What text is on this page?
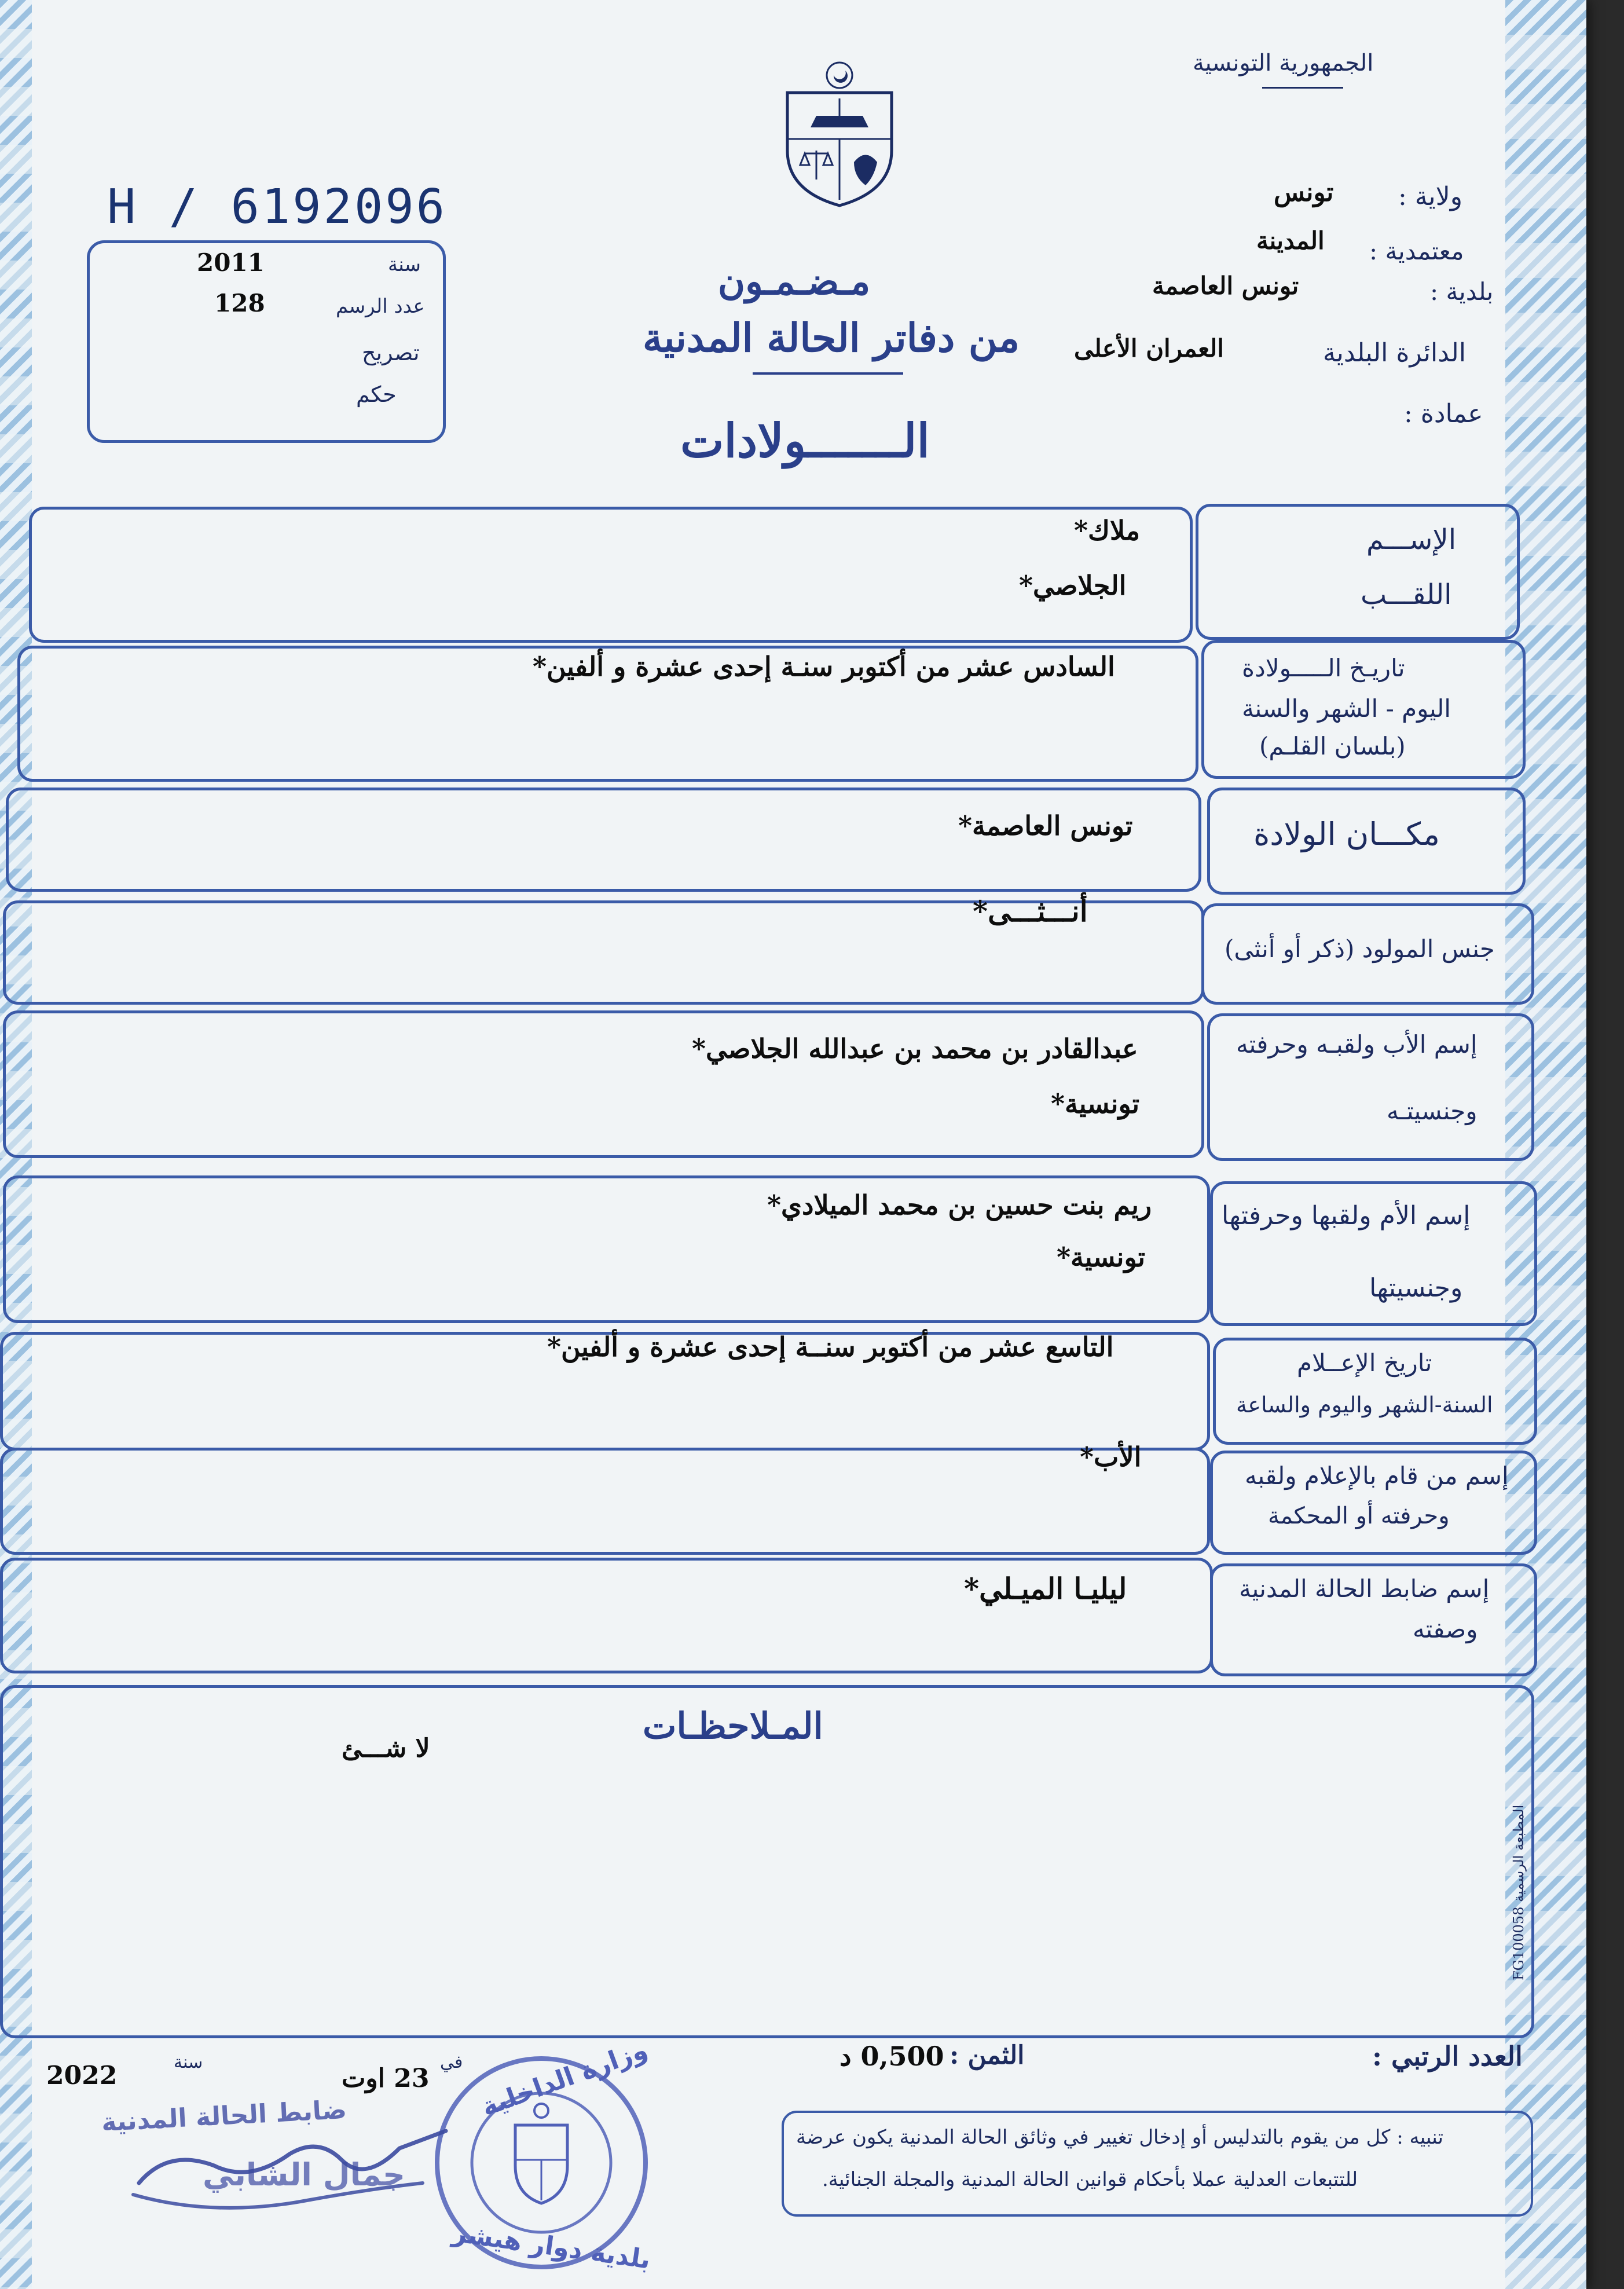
الجمهورية التونسية
H / 6192096
سنة
2011
عدد الرسم
128
تصريح
حكم
ولاية :
تونس
معتمدية :
المدينة
بلدية :
تونس العاصمة
الدائرة البلدية
العمران الأعلى
عمادة :
مـضـمـون
من دفاتر الحالة المدنية
الـــــــولادات
الإســـم
اللقـــب
ملاك*
الجلاصي*
تاريـخ الـــــولادة
اليوم - الشهر والسنة
(بلسان القلـم)
السادس عشر من أكتوبر سنـة إحدى عشرة و ألفين*
مكـــان الولادة
تونس العاصمة*
جنس المولود (ذكر أو أنثى)
أنـــثـــى*
إسم الأب ولقبـه وحرفته
وجنسيتـه
عبدالقادر بن محمد بن عبدالله الجلاصي*
تونسية*
إسم الأم ولقبها وحرفتها
وجنسيتها
ريم بنت حسين بن محمد الميلادي*
تونسية*
تاريخ الإعــلام
السنة-الشهر واليوم والساعة
التاسع عشر من أكتوبر سنــة إحدى عشرة و ألفين*
إسم من قام بالإعلام ولقبه
وحرفته أو المحكمة
الأب*
إسم ضابط الحالة المدنية
وصفته
ليليـا الميـلي*
المـلاحظـات
لا شـــئ
المطبعة الرسمية FG100058
العدد الرتبي :
الثمن :
0,500 د
في
23 اوت
سنة
2022
تنبيه : كل من يقوم بالتدليس أو إدخال تغيير في وثائق الحالة المدنية يكون عرضة
للتتبعات العدلية عملا بأحكام قوانين الحالة المدنية والمجلة الجنائية.
وزارة الداخلية
بلدية دوار هيشر
ضابط الحالة المدنية
جمال الشابي
